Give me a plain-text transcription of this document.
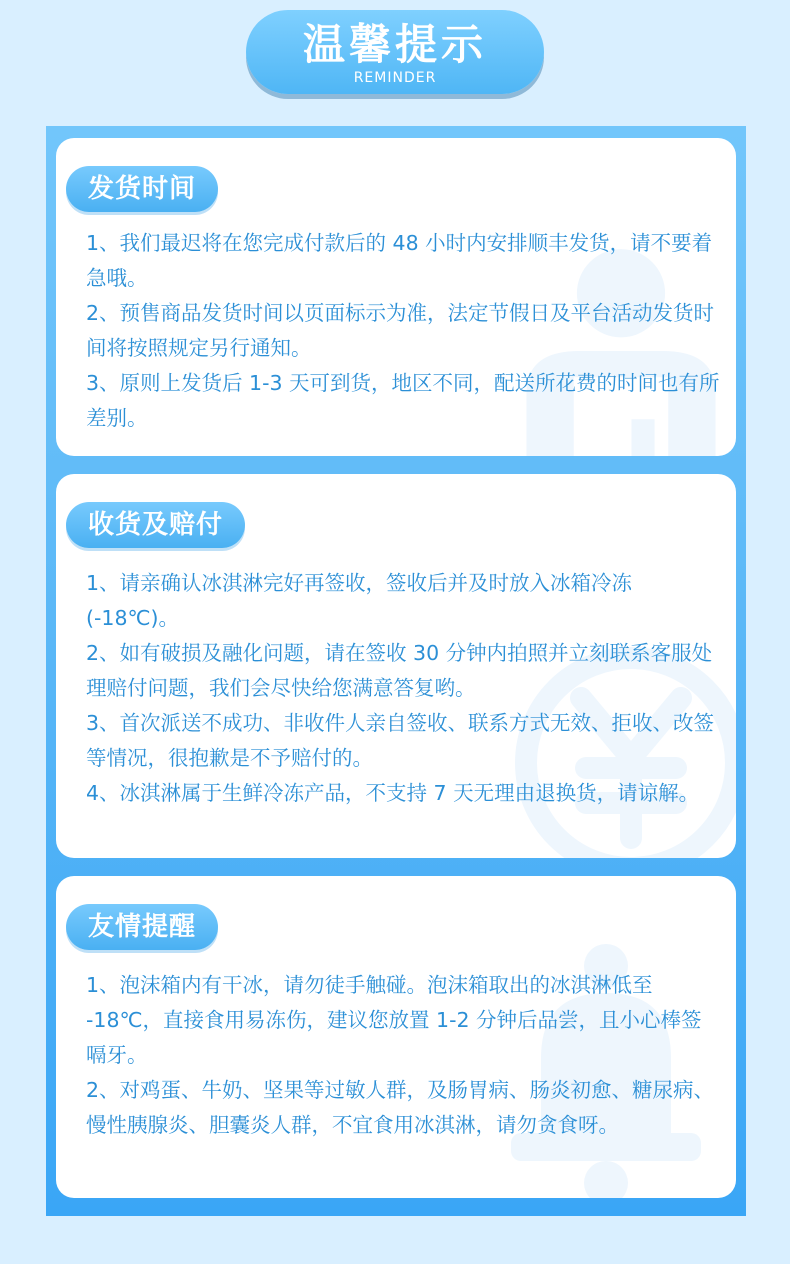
温馨提示
REMINDER
发货时间

1、我们最迟将在您完成付款后的 48 小时内安排顺丰发货，请不要着急哦。

2、预售商品发货时间以页面标示为准，法定节假日及平台活动发货时间将按照规定另行通知。

3、原则上发货后 1-3 天可到货，地区不同，配送所花费的时间也有所差别。

收货及赔付

1、请亲确认冰淇淋完好再签收，签收后并及时放入冰箱冷冻(-18℃)。

2、如有破损及融化问题，请在签收 30 分钟内拍照并立刻联系客服处理赔付问题，我们会尽快给您满意答复哟。

3、首次派送不成功、非收件人亲自签收、联系方式无效、拒收、改签等情况，很抱歉是不予赔付的。

4、冰淇淋属于生鲜冷冻产品，不支持 7 天无理由退换货，请谅解。

友情提醒

1、泡沫箱内有干冰，请勿徒手触碰。泡沫箱取出的冰淇淋低至 -18℃，直接食用易冻伤，建议您放置 1-2 分钟后品尝，且小心棒签嗝牙。

2、对鸡蛋、牛奶、坚果等过敏人群，及肠胃病、肠炎初愈、糖尿病、慢性胰腺炎、胆囊炎人群，不宜食用冰淇淋，请勿贪食呀。
